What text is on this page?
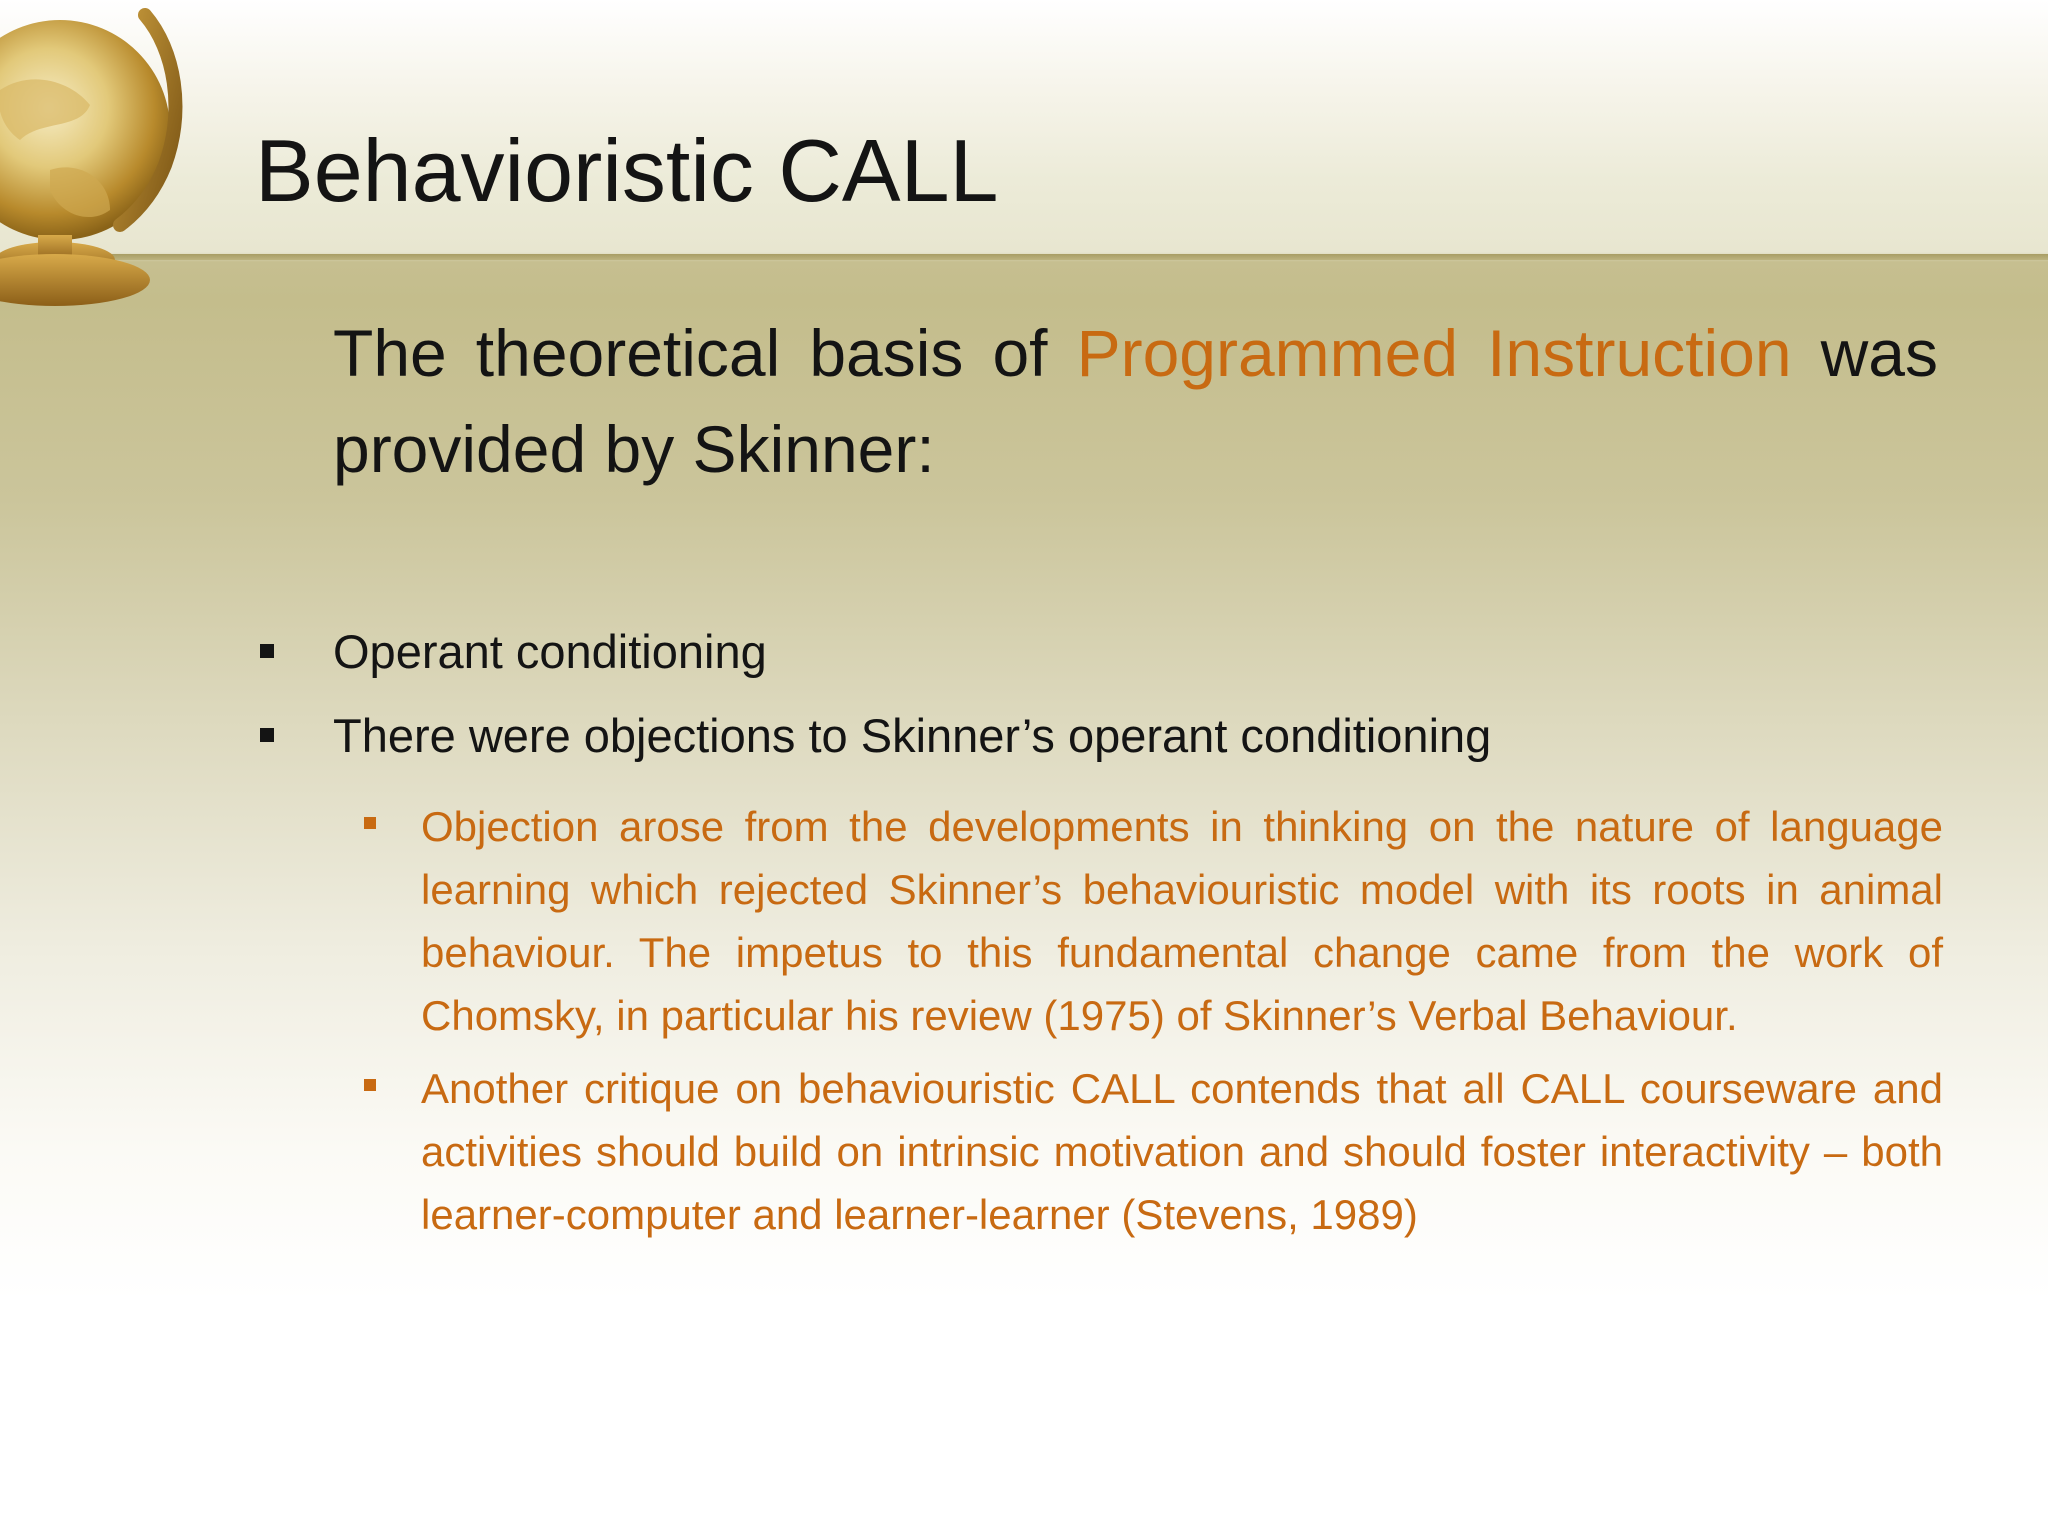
Behavioristic CALL
The theoretical basis of Programmed Instruction was provided by Skinner:
Operant conditioning
There were objections to Skinner’s operant conditioning
Objection arose from the developments in thinking on the nature of language learning which rejected Skinner’s behaviouristic model with its roots in animal behaviour. The impetus to this fundamental change came from the work of Chomsky, in particular his review (1975) of Skinner’s Verbal Behaviour.
Another critique on behaviouristic CALL contends that all CALL courseware and activities should build on intrinsic motivation and should foster interactivity – both learner-computer and learner-learner (Stevens, 1989)
